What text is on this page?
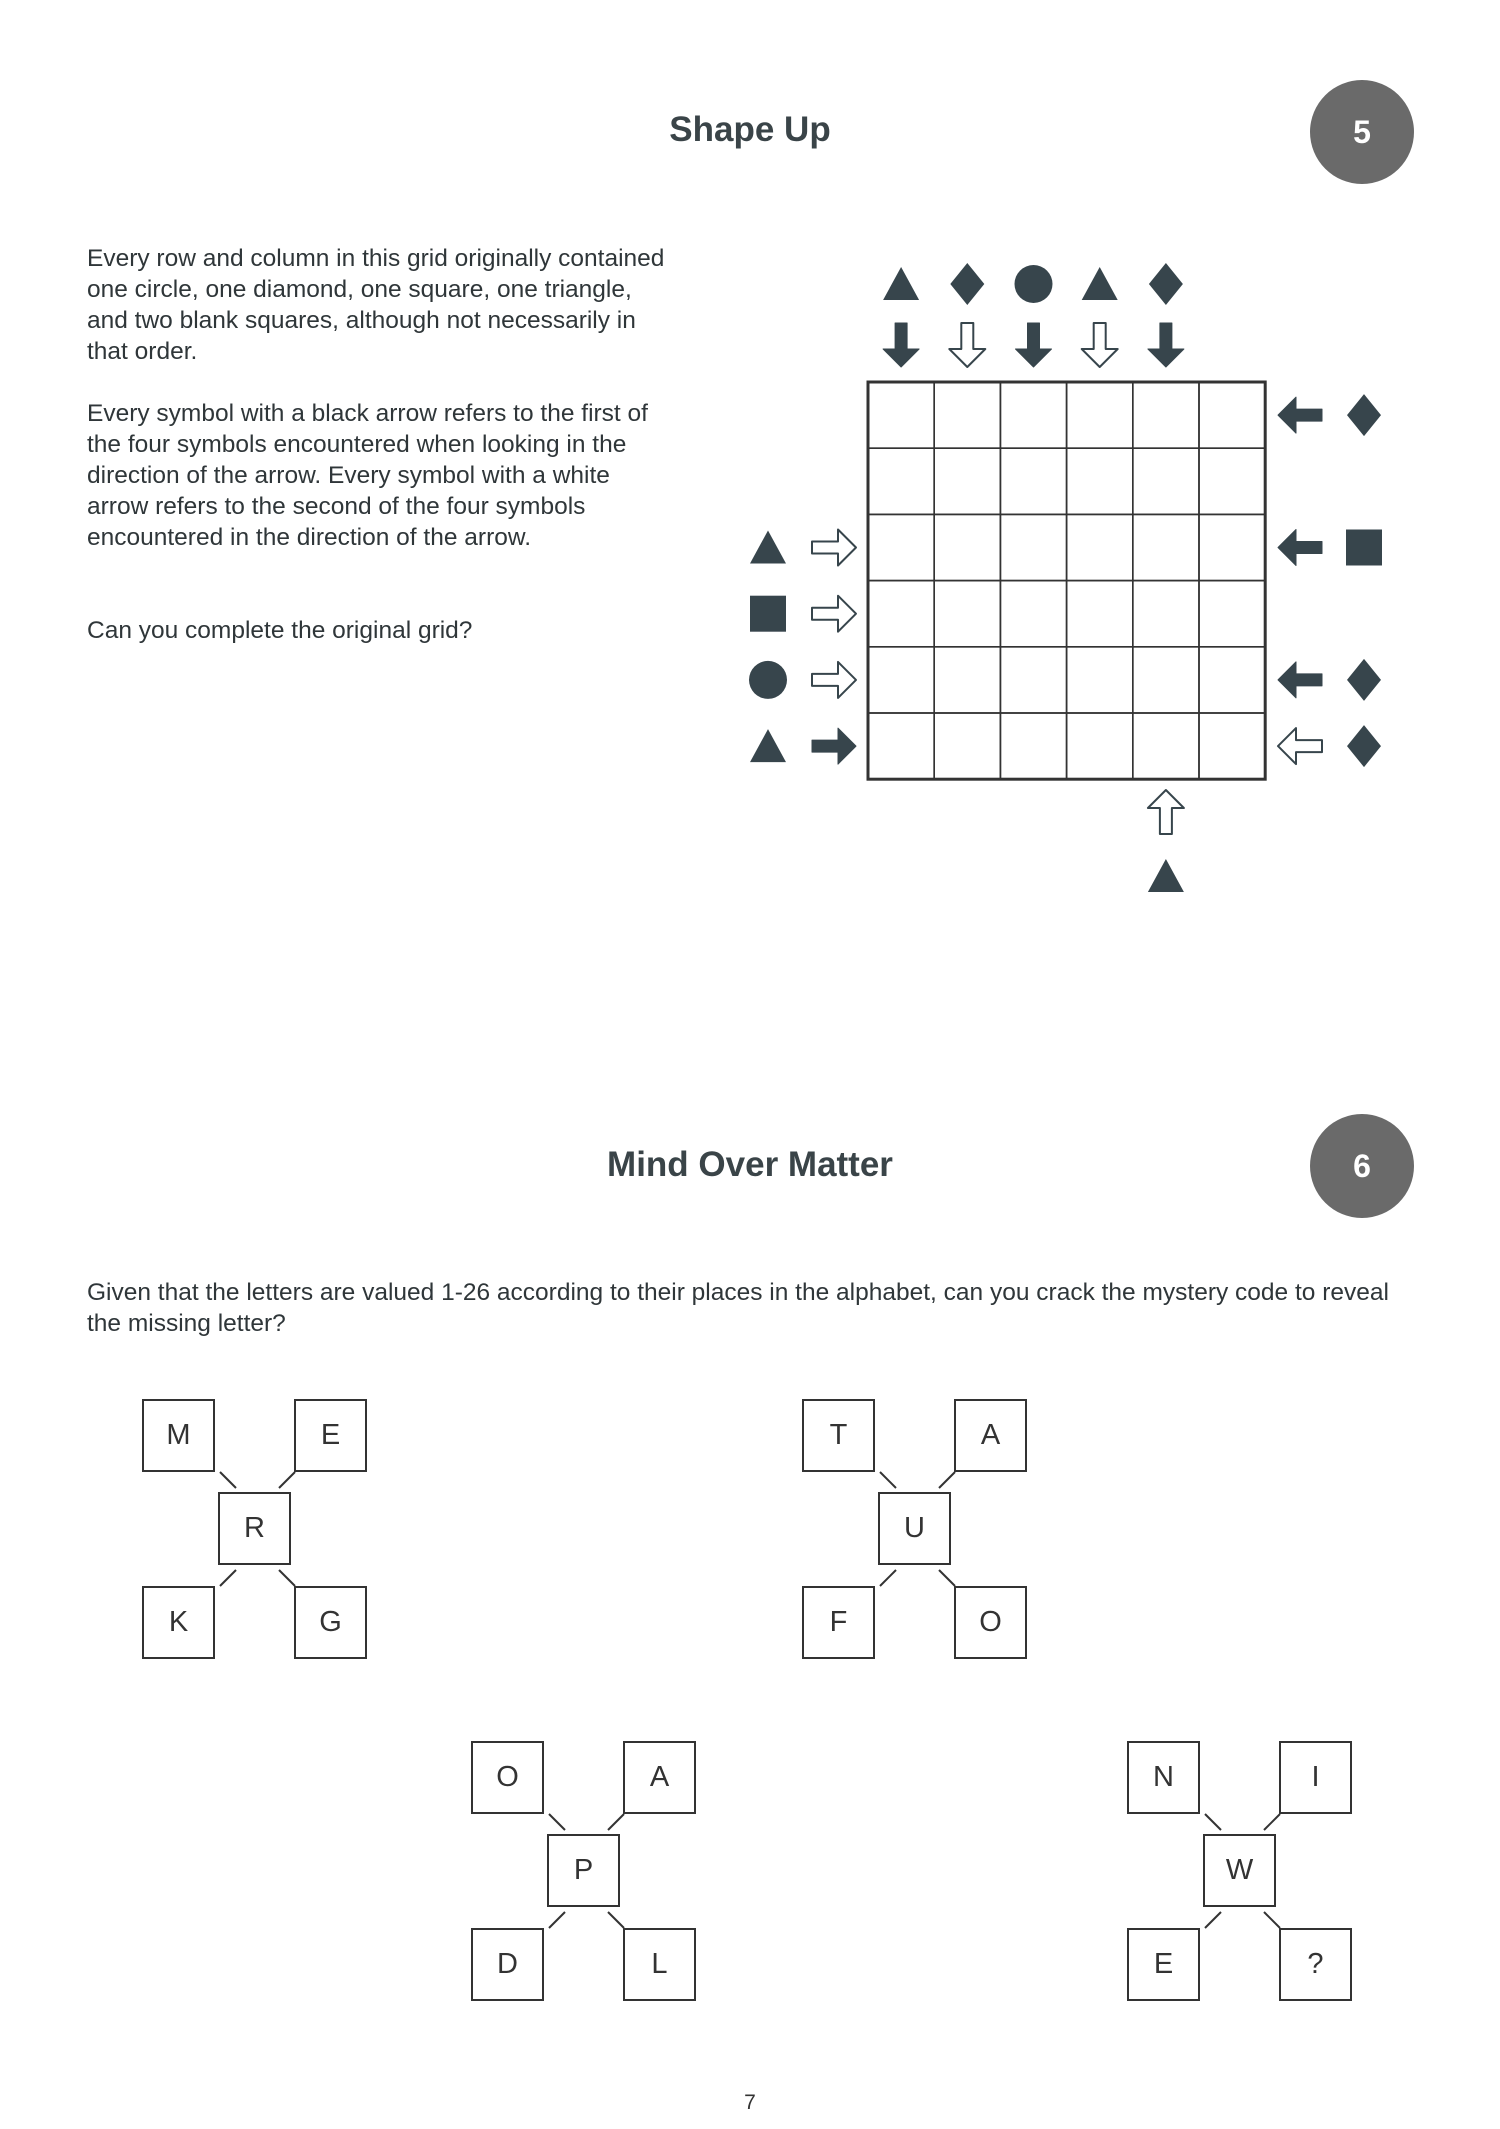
Shape Up	5

Every row and column in this grid originally contained one circle, one diamond, one square, one triangle, and two blank squares, although not necessarily in that order.

Every symbol with a black arrow refers to the first of the four symbols encountered when looking in the direction of the arrow. Every symbol with a white arrow refers to the second of the four symbols encountered in the direction of the arrow.

Can you complete the original grid?

Mind Over Matter	6

Given that the letters are valued 1-26 according to their places in the alphabet, can you crack the mystery code to reveal the missing letter?

M	E
R
K	G
T	A
U
F	O
O	A
P
D	L
N	I
W
E	?
7
